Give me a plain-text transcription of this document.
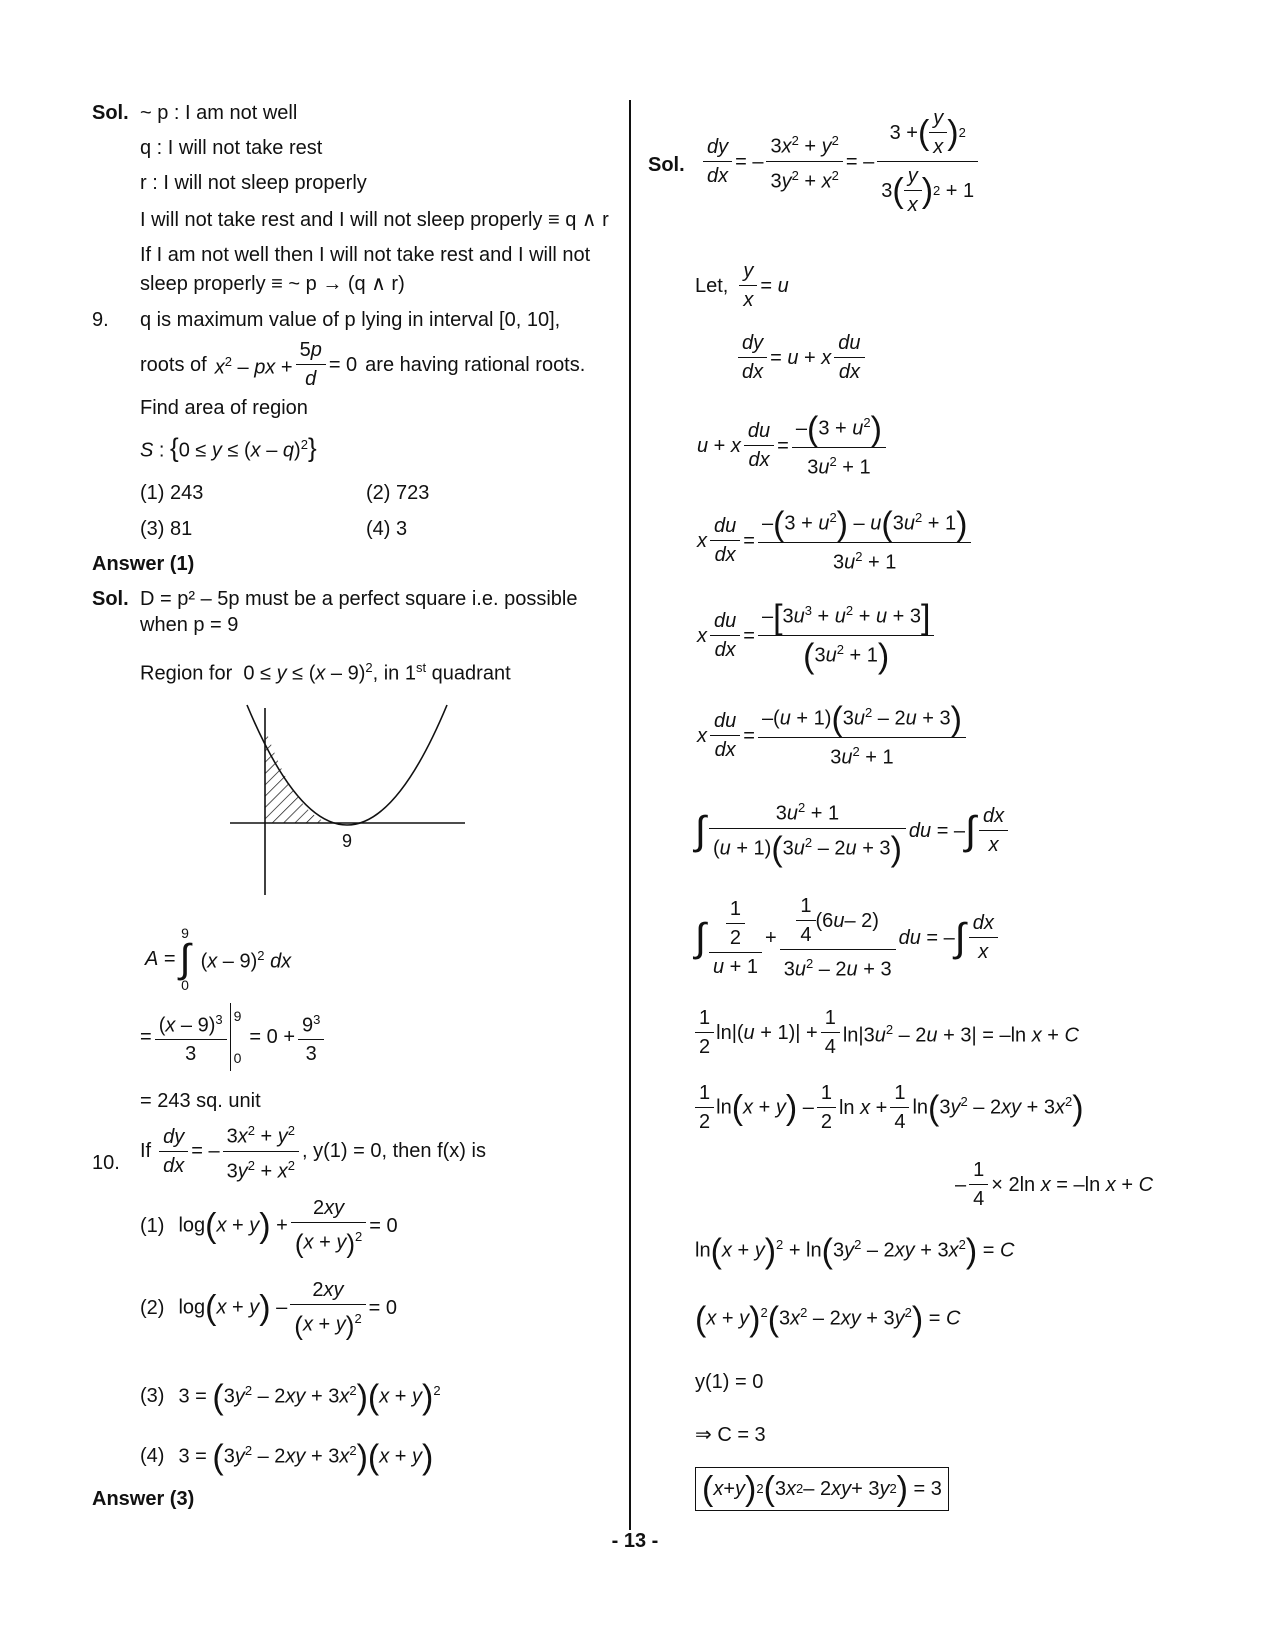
Sol. ~ p : I am not well
q : I will not take rest
r : I will not sleep properly
I will not take rest and I will not sleep properly ≡ q ∧ r
If I am not well then I will not take rest and I will not
sleep properly ≡ ~ p → (q ∧ r)
9. q is maximum value of p lying in interval [0, 10],
roots of $x^2$ – px + $\frac{5p}{d} = 0$ are having rational roots.
Find area of region
S : {0 ≤ y ≤ (x – q)$^2$}
(1) 243	(2) 723
(3) 81	(4) 3
Answer (1)
Sol. D = p² – 5p must be a perfect square i.e. possible
when p = 9
Region for  0 ≤ y ≤ (x – 9)$^2$, in 1st quadrant
9
A =
9
∫
0
(x – 9)$^2$ dx
= $\frac{(x - 9)^3}{3} 9$
0
= $0 + \frac{9^3}{3}$
= 243 sq. unit
10.
If $\frac{dy}{dx}$ = – $\frac{3x^2 + y^2}{3y^2 + x^2}$ , y(1) = 0, then f(x) is
(1) $\log(x + y) + \frac{2xy}{(x + y)^2} = 0$
(2) $\log(x + y) - \frac{2xy}{(x + y)^2} = 0$
(3) $3 = (3y^2 - 2xy + 3x^2)(x + y)^2$
(4) $3 = (3y^2 - 2xy + 3x^2)(x + y)$
Answer (3)
Sol. $\frac{dy}{dx}$ = – $\frac{3x^2 + y^2}{3y^2 + x^2}$ = – $\frac{3 + ( \frac{y}{x} ) 2}{3 ( \frac{y}{x} ) 2 + 1}$
Let, $\frac{y}{x} = u$
$\frac{dy}{dx} = u + x \frac{du}{dx}$
u + x $\frac{du}{dx} = \frac{-(3 + u^2)}{3u^2 + 1}$
x $\frac{du}{dx} = \frac{-(3 + u^2) - u(3u^2 + 1)}{3u^2 + 1}$
x $\frac{du}{dx} = \frac{-[3u^3 + u^2 + u + 3]}{(3u^2 + 1)}$
x $\frac{du}{dx} = \frac{-(u + 1)(3u^2 - 2u + 3)}{3u^2 + 1}$
∫ $\frac{3u^2 + 1}{(u + 1)(3u^2 - 2u + 3)}$ du = – ∫ $\frac{dx}{x}$
∫ $\frac{\frac{1}{2}}{u + 1} + \frac{\frac{1}{4} (6 u - 2)}{3u^2 - 2u + 3}$ du = – ∫ $\frac{dx}{x}$
$\frac{1}{2} \ln|(u + 1)| + \frac{1}{4} \ln|3u^2 - 2u + 3| = -\ln$ x + C
$\frac{1}{2} \ln(x + y) - \frac{1}{2}$ $\ln x + \frac{1}{4} \ln(3y^2 - 2xy + 3x^2)$
– $\frac{1}{4} \times 2\ln$ x = –ln x + C
$\ln(x + y)^2 + \ln(3y^2 - 2xy + 3x^2) = C$
$(x + y)^2(3x^2 - 2xy + 3y^2) = C$
y(1) = 0
⇒ C = 3
( x + y ) 2 ( 3 x 2 – 2 xy + 3 y 2 ) = 3
- 13 -
